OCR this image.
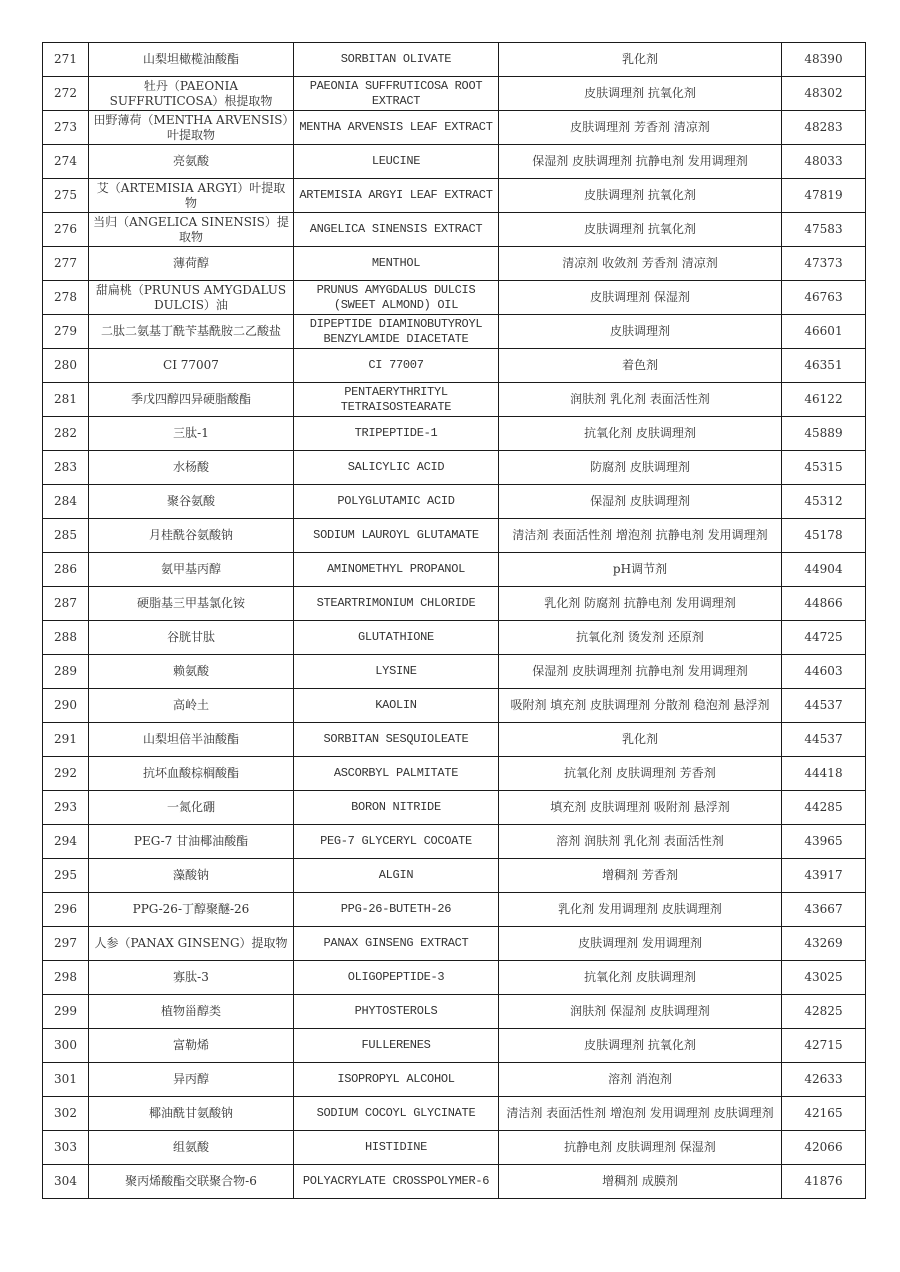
271	山梨坦橄榄油酸酯	SORBITAN OLIVATE	乳化剂	48390
272	牡丹（PAEONIA SUFFRUTICOSA）根提取物	PAEONIA SUFFRUTICOSA ROOT EXTRACT	皮肤调理剂 抗氧化剂	48302
273	田野薄荷（MENTHA ARVENSIS）叶提取物	MENTHA ARVENSIS LEAF EXTRACT	皮肤调理剂 芳香剂 清凉剂	48283
274	亮氨酸	LEUCINE	保湿剂 皮肤调理剂 抗静电剂 发用调理剂	48033
275	艾（ARTEMISIA ARGYI）叶提取物	ARTEMISIA ARGYI LEAF EXTRACT	皮肤调理剂 抗氧化剂	47819
276	当归（ANGELICA SINENSIS）提取物	ANGELICA SINENSIS EXTRACT	皮肤调理剂 抗氧化剂	47583
277	薄荷醇	MENTHOL	清凉剂 收敛剂 芳香剂 清凉剂	47373
278	甜扁桃（PRUNUS AMYGDALUS DULCIS）油	PRUNUS AMYGDALUS DULCIS (SWEET ALMOND) OIL	皮肤调理剂 保湿剂	46763
279	二肽二氨基丁酰苄基酰胺二乙酸盐	DIPEPTIDE DIAMINOBUTYROYL BENZYLAMIDE DIACETATE	皮肤调理剂	46601
280	CI 77007	CI 77007	着色剂	46351
281	季戊四醇四异硬脂酸酯	PENTAERYTHRITYL TETRAISOSTEARATE	润肤剂 乳化剂 表面活性剂	46122
282	三肽-1	TRIPEPTIDE-1	抗氧化剂 皮肤调理剂	45889
283	水杨酸	SALICYLIC ACID	防腐剂 皮肤调理剂	45315
284	聚谷氨酸	POLYGLUTAMIC ACID	保湿剂 皮肤调理剂	45312
285	月桂酰谷氨酸钠	SODIUM LAUROYL GLUTAMATE	清洁剂 表面活性剂 增泡剂 抗静电剂 发用调理剂	45178
286	氨甲基丙醇	AMINOMETHYL PROPANOL	pH调节剂	44904
287	硬脂基三甲基氯化铵	STEARTRIMONIUM CHLORIDE	乳化剂 防腐剂 抗静电剂 发用调理剂	44866
288	谷胱甘肽	GLUTATHIONE	抗氧化剂 烫发剂 还原剂	44725
289	赖氨酸	LYSINE	保湿剂 皮肤调理剂 抗静电剂 发用调理剂	44603
290	高岭土	KAOLIN	吸附剂 填充剂 皮肤调理剂 分散剂 稳泡剂 悬浮剂	44537
291	山梨坦倍半油酸酯	SORBITAN SESQUIOLEATE	乳化剂	44537
292	抗坏血酸棕榈酸酯	ASCORBYL PALMITATE	抗氧化剂 皮肤调理剂 芳香剂	44418
293	一氮化硼	BORON NITRIDE	填充剂 皮肤调理剂 吸附剂 悬浮剂	44285
294	PEG-7 甘油椰油酸酯	PEG-7 GLYCERYL COCOATE	溶剂 润肤剂 乳化剂 表面活性剂	43965
295	藻酸钠	ALGIN	增稠剂 芳香剂	43917
296	PPG-26-丁醇聚醚-26	PPG-26-BUTETH-26	乳化剂 发用调理剂 皮肤调理剂	43667
297	人参（PANAX GINSENG）提取物	PANAX GINSENG EXTRACT	皮肤调理剂 发用调理剂	43269
298	寡肽-3	OLIGOPEPTIDE-3	抗氧化剂 皮肤调理剂	43025
299	植物甾醇类	PHYTOSTEROLS	润肤剂 保湿剂 皮肤调理剂	42825
300	富勒烯	FULLERENES	皮肤调理剂 抗氧化剂	42715
301	异丙醇	ISOPROPYL ALCOHOL	溶剂 消泡剂	42633
302	椰油酰甘氨酸钠	SODIUM COCOYL GLYCINATE	清洁剂 表面活性剂 增泡剂 发用调理剂 皮肤调理剂	42165
303	组氨酸	HISTIDINE	抗静电剂 皮肤调理剂 保湿剂	42066
304	聚丙烯酸酯交联聚合物-6	POLYACRYLATE CROSSPOLYMER-6	增稠剂 成膜剂	41876
